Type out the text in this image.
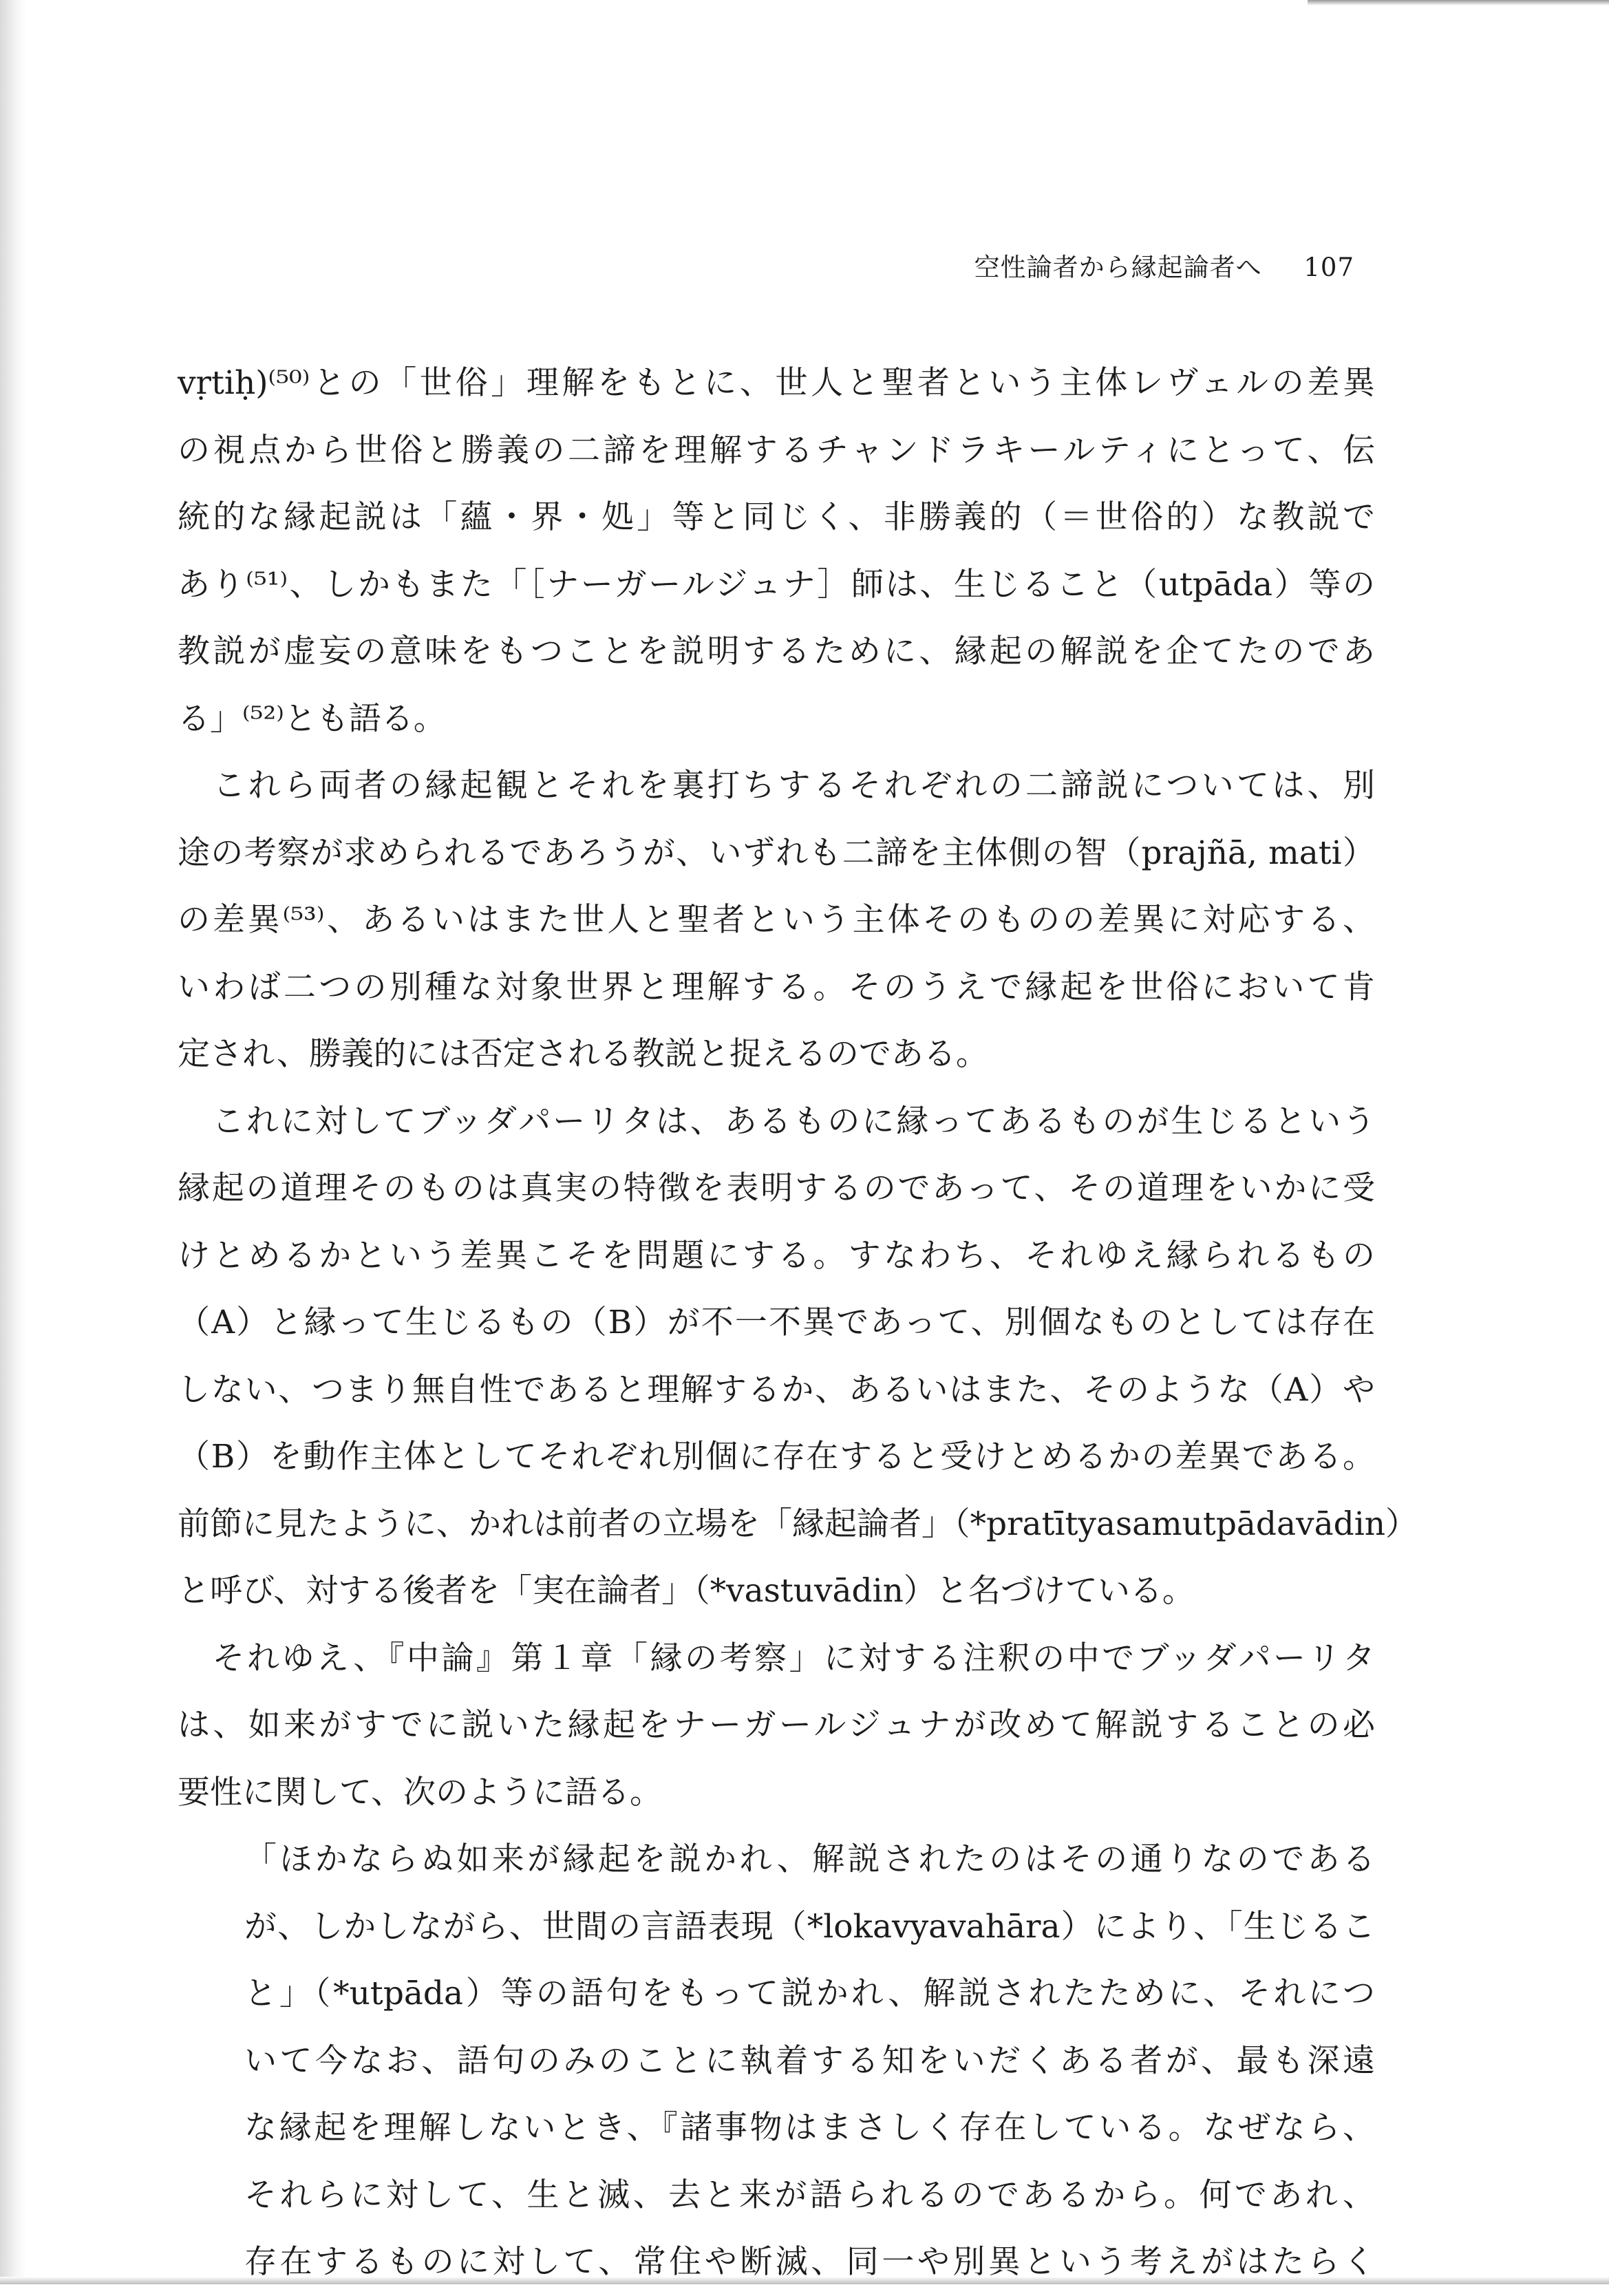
空性論者から縁起論者へ 107
vṛtiḥ)⁽⁵⁰⁾との「世俗」理解をもとに、世人と聖者という主体レヴェルの差異
の視点から世俗と勝義の二諦を理解するチャンドラキールティにとって、伝
統的な縁起説は「蘊・界・処」等と同じく、非勝義的（＝世俗的）な教説で
あり⁽⁵¹⁾、しかもまた「［ナーガールジュナ］師は、生じること（utpāda）等の
教説が虚妄の意味をもつことを説明するために、縁起の解説を企てたのであ
る」⁽⁵²⁾とも語る。
　これら両者の縁起観とそれを裏打ちするそれぞれの二諦説については、別
途の考察が求められるであろうが、いずれも二諦を主体側の智（prajñā, mati）
の差異⁽⁵³⁾、あるいはまた世人と聖者という主体そのものの差異に対応する、
いわば二つの別種な対象世界と理解する。そのうえで縁起を世俗において肯
定され、勝義的には否定される教説と捉えるのである。
　これに対してブッダパーリタは、あるものに縁ってあるものが生じるという
縁起の道理そのものは真実の特徴を表明するのであって、その道理をいかに受
けとめるかという差異こそを問題にする。すなわち、それゆえ縁られるもの
（A）と縁って生じるもの（B）が不一不異であって、別個なものとしては存在
しない、つまり無自性であると理解するか、あるいはまた、そのような（A）や
（B）を動作主体としてそれぞれ別個に存在すると受けとめるかの差異である。
前節に見たように、かれは前者の立場を「縁起論者」（*pratītyasamutpādavādin）
と呼び、対する後者を「実在論者」（*vastuvādin）と名づけている。
　それゆえ、『中論』第１章「縁の考察」に対する注釈の中でブッダパーリタ
は、如来がすでに説いた縁起をナーガールジュナが改めて解説することの必
要性に関して、次のように語る。
「ほかならぬ如来が縁起を説かれ、解説されたのはその通りなのである
が、しかしながら、世間の言語表現（*lokavyavahāra）により、「生じるこ
と」（*utpāda）等の語句をもって説かれ、解説されたために、それにつ
いて今なお、語句のみのことに執着する知をいだくある者が、最も深遠
な縁起を理解しないとき、『諸事物はまさしく存在している。なぜなら、
それらに対して、生と滅、去と来が語られるのであるから。何であれ、
存在するものに対して、常住や断滅、同一や別異という考えがはたらく
